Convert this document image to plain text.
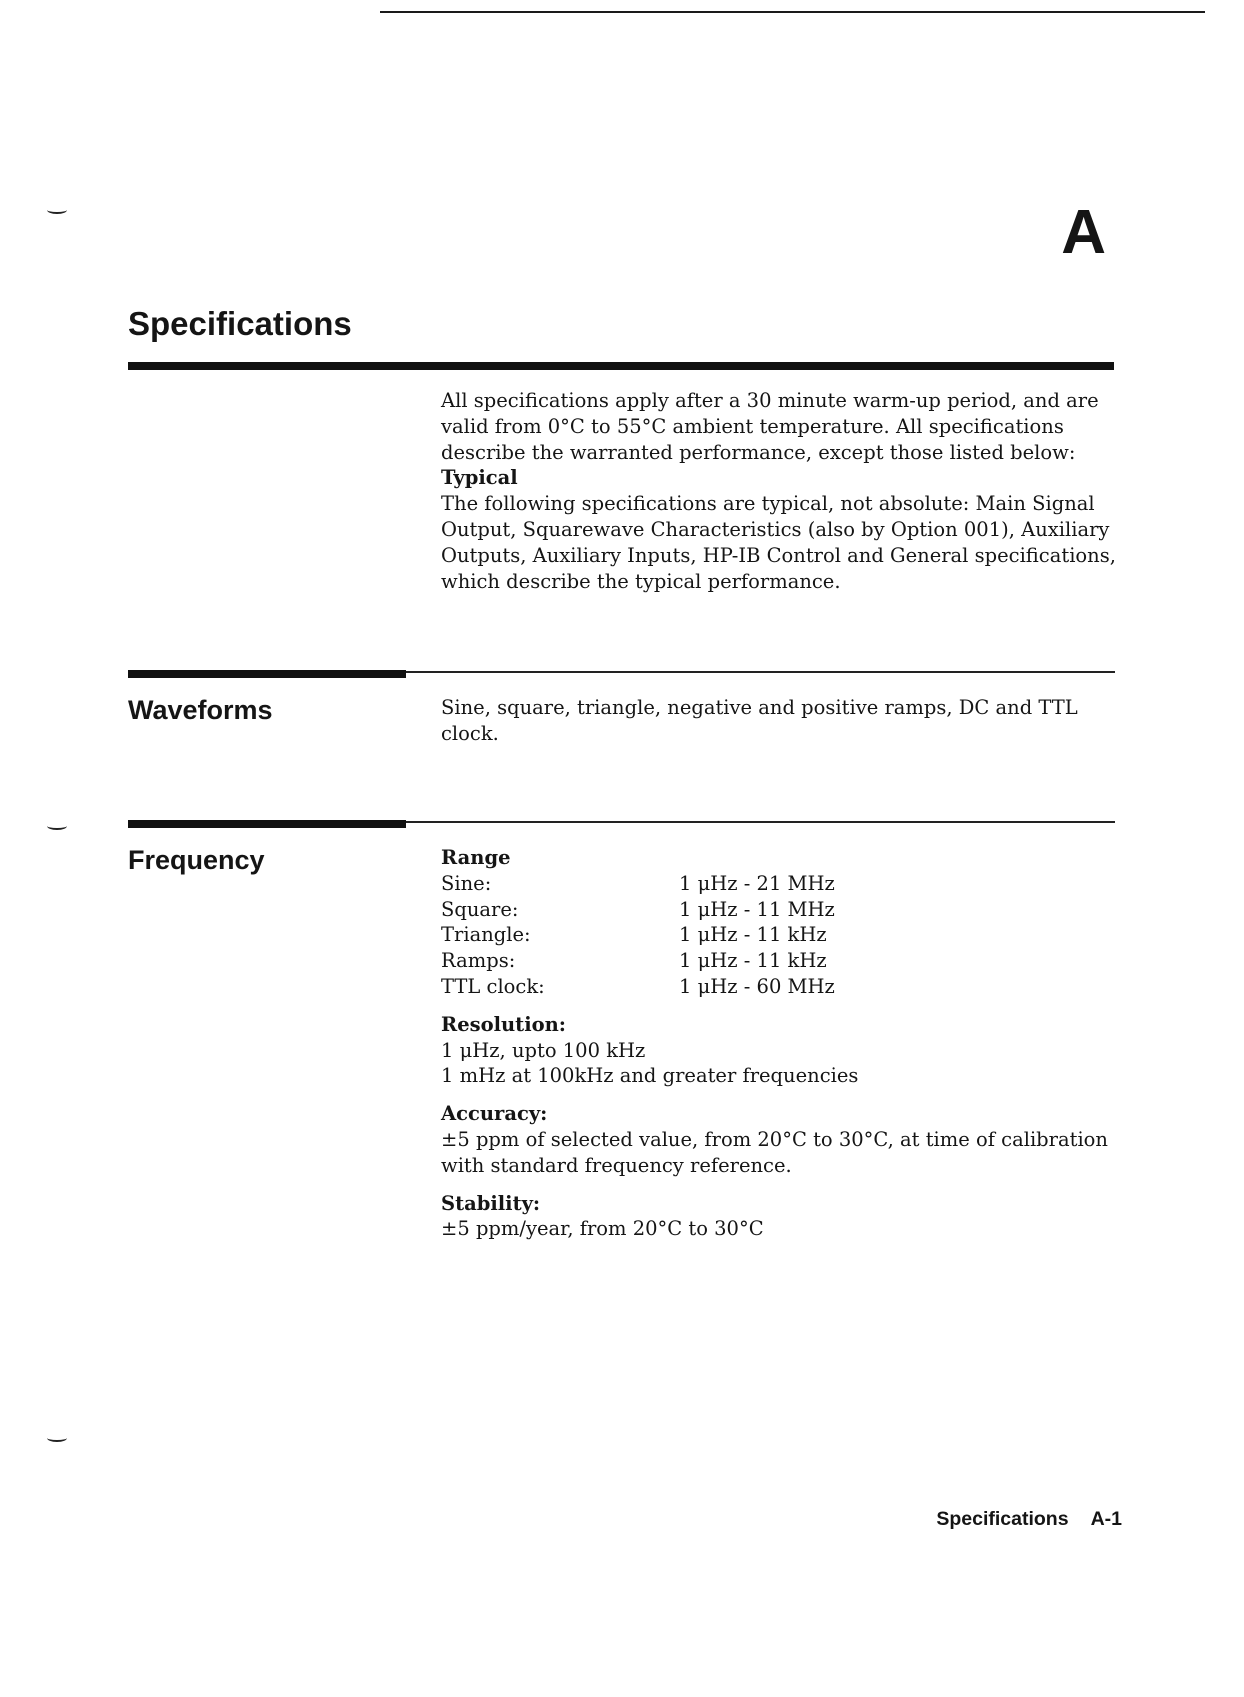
A
Specifications

All specifications apply after a 30 minute warm-up period, and are valid from 0°C to 55°C ambient temperature. All specifications describe the warranted performance, except those listed below:

Typical

The following specifications are typical, not absolute: Main Signal Output, Squarewave Characteristics (also by Option 001), Auxiliary Outputs, Auxiliary Inputs, HP-IB Control and General specifications, which describe the typical performance.

Waveforms	Sine, square, triangle, negative and positive ramps, DC and TTL clock.

Frequency	Range
Sine:	1 μHz - 21 MHz
Square:	1 μHz - 11 MHz
Triangle:	1 μHz - 11 kHz
Ramps:	1 μHz - 11 kHz
TTL clock:	1 μHz - 60 MHz
Resolution:
1 μHz, upto 100 kHz
1 mHz at 100kHz and greater frequencies
Accuracy:
±5 ppm of selected value, from 20°C to 30°C, at time of calibration with standard frequency reference.
Stability:
±5 ppm/year, from 20°C to 30°C
Specifications A-1
